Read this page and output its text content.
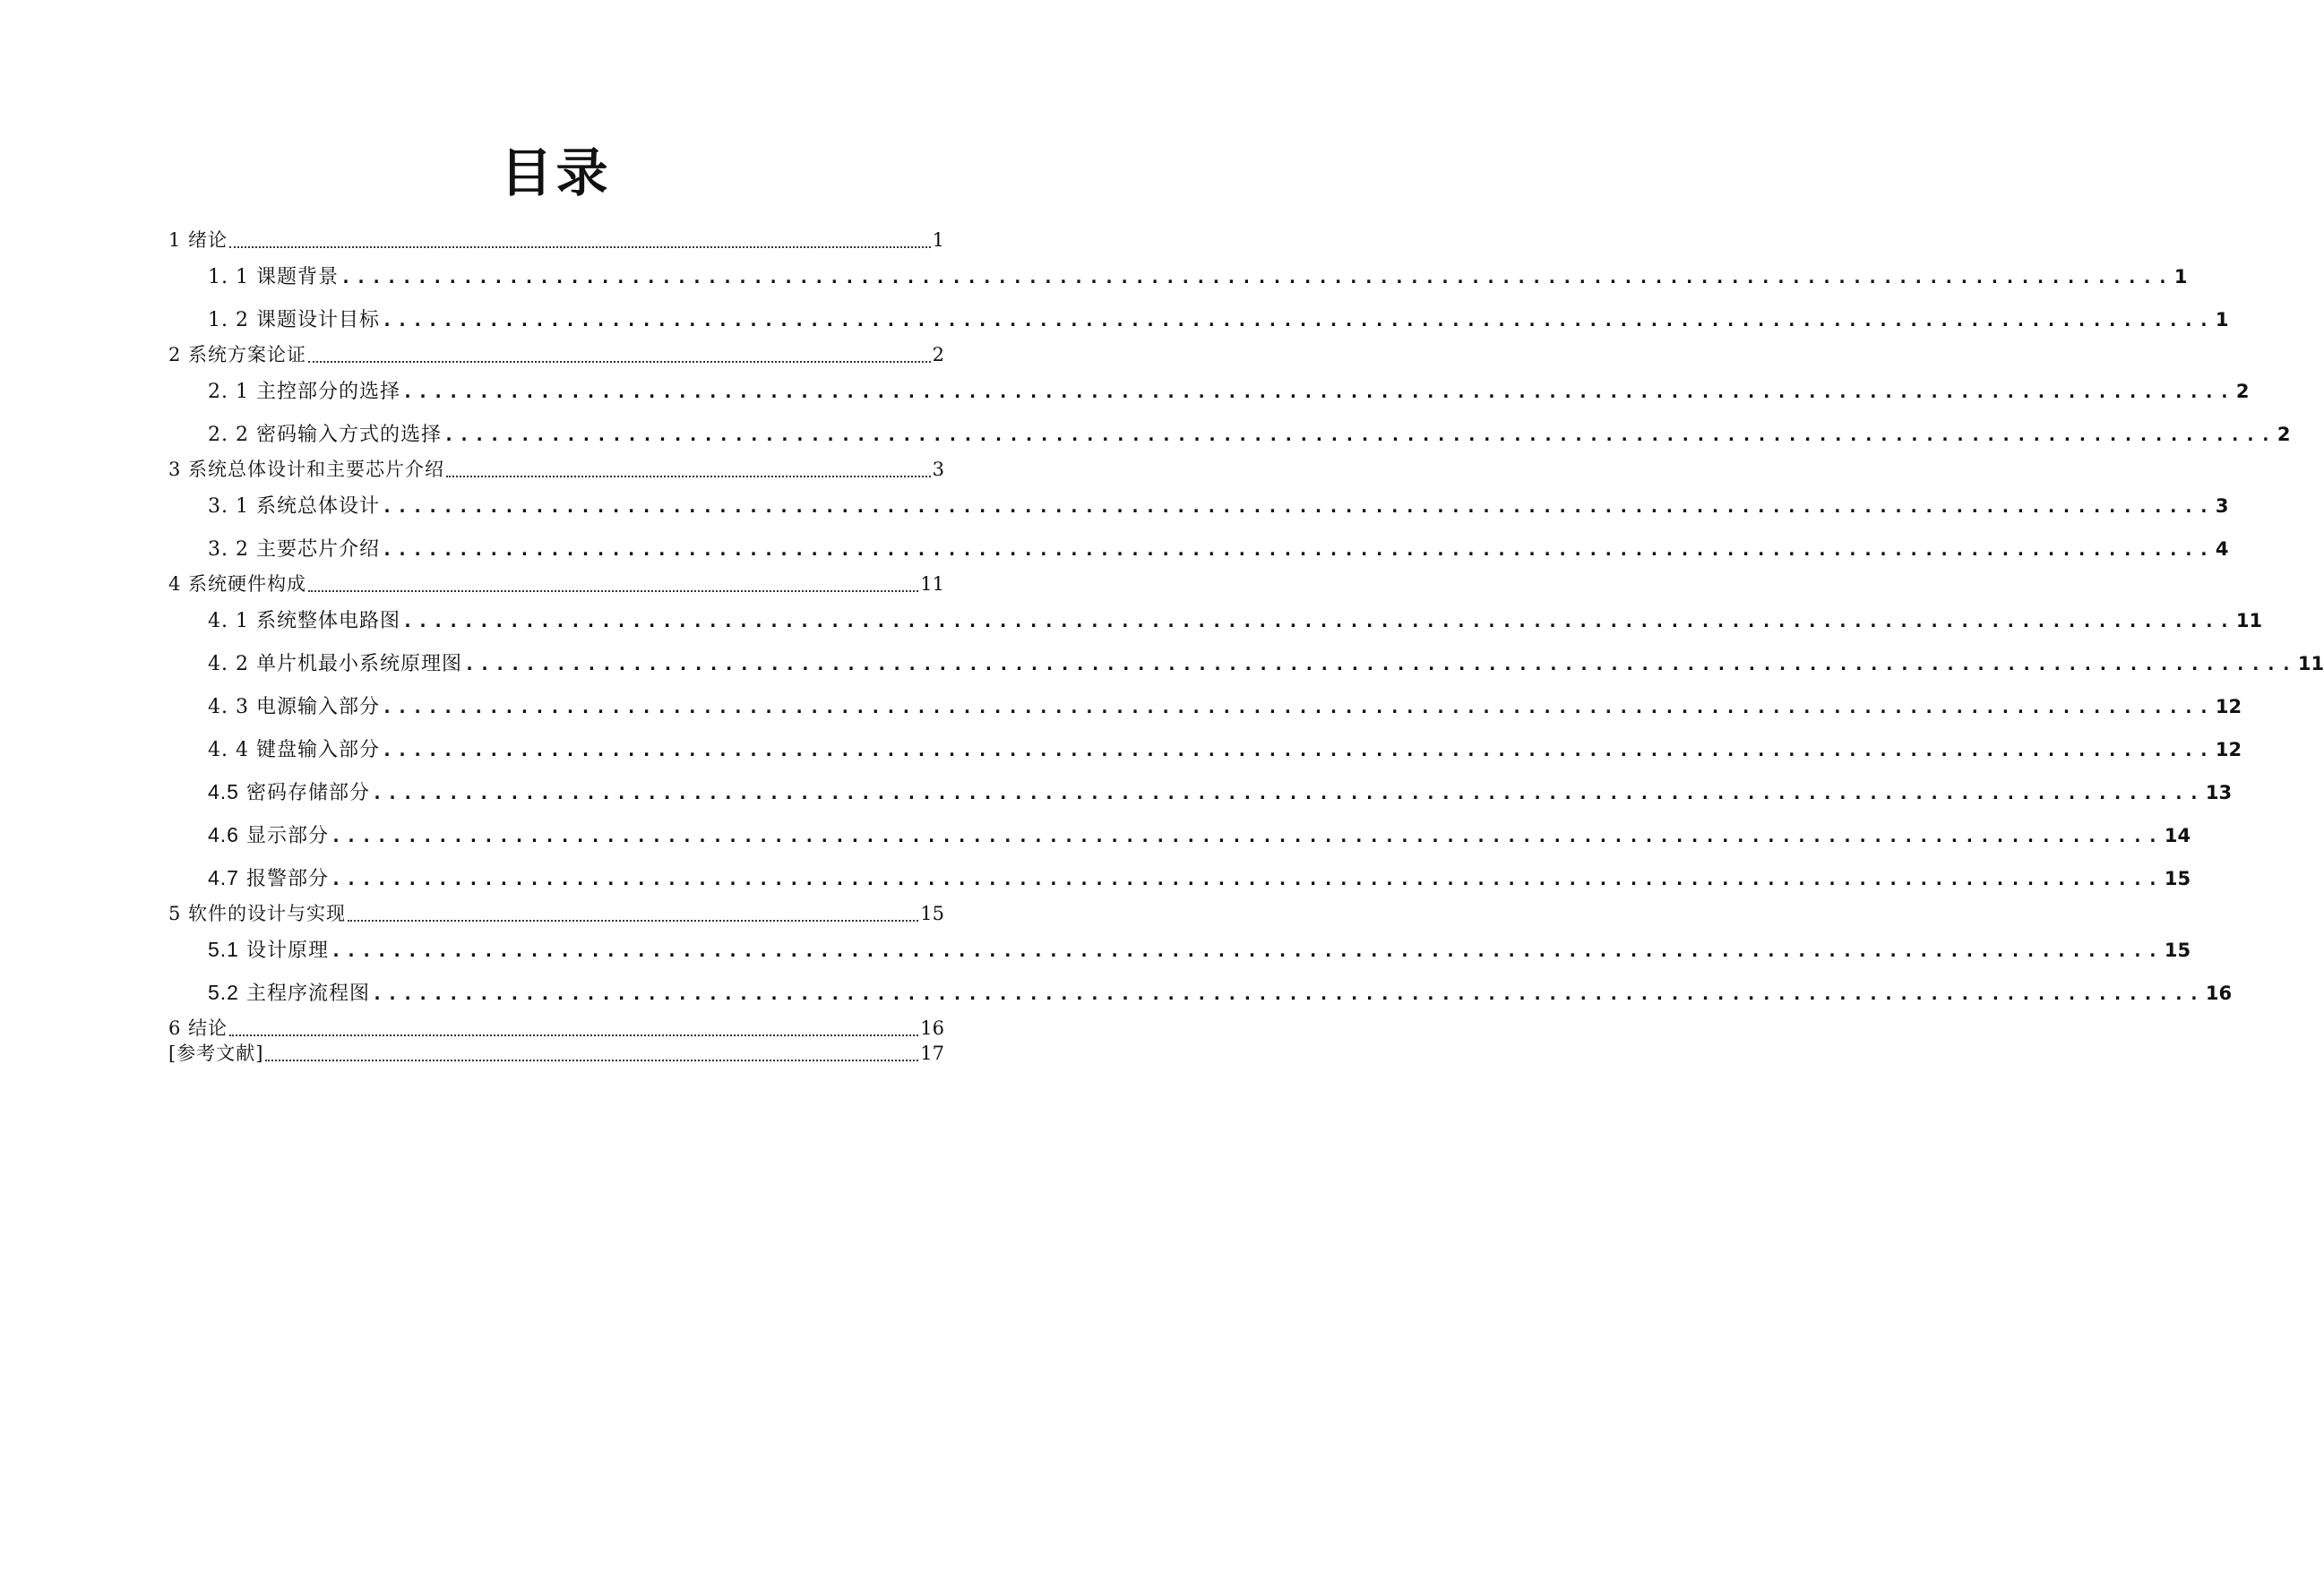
目录
1 绪论	1
1. 1 课题背景 ........................................................................................................................ 1
1. 2 课题设计目标 ........................................................................................................................ 1
2 系统方案论证	2
2. 1 主控部分的选择 ........................................................................................................................ 2
2. 2 密码输入方式的选择 ........................................................................................................................ 2
3 系统总体设计和主要芯片介绍	3
3. 1 系统总体设计 ........................................................................................................................ 3
3. 2 主要芯片介绍 ........................................................................................................................ 4
4 系统硬件构成	11
4. 1 系统整体电路图 ........................................................................................................................ 11
4. 2 单片机最小系统原理图 ........................................................................................................................ 11
4. 3 电源输入部分 ........................................................................................................................ 12
4. 4 键盘输入部分 ........................................................................................................................ 12
4.5 密码存储部分 ........................................................................................................................ 13
4.6 显示部分 ........................................................................................................................ 14
4.7 报警部分 ........................................................................................................................ 15
5 软件的设计与实现	15
5.1 设计原理 ........................................................................................................................ 15
5.2 主程序流程图 ........................................................................................................................ 16
6 结论	16
[参考文献]	17
